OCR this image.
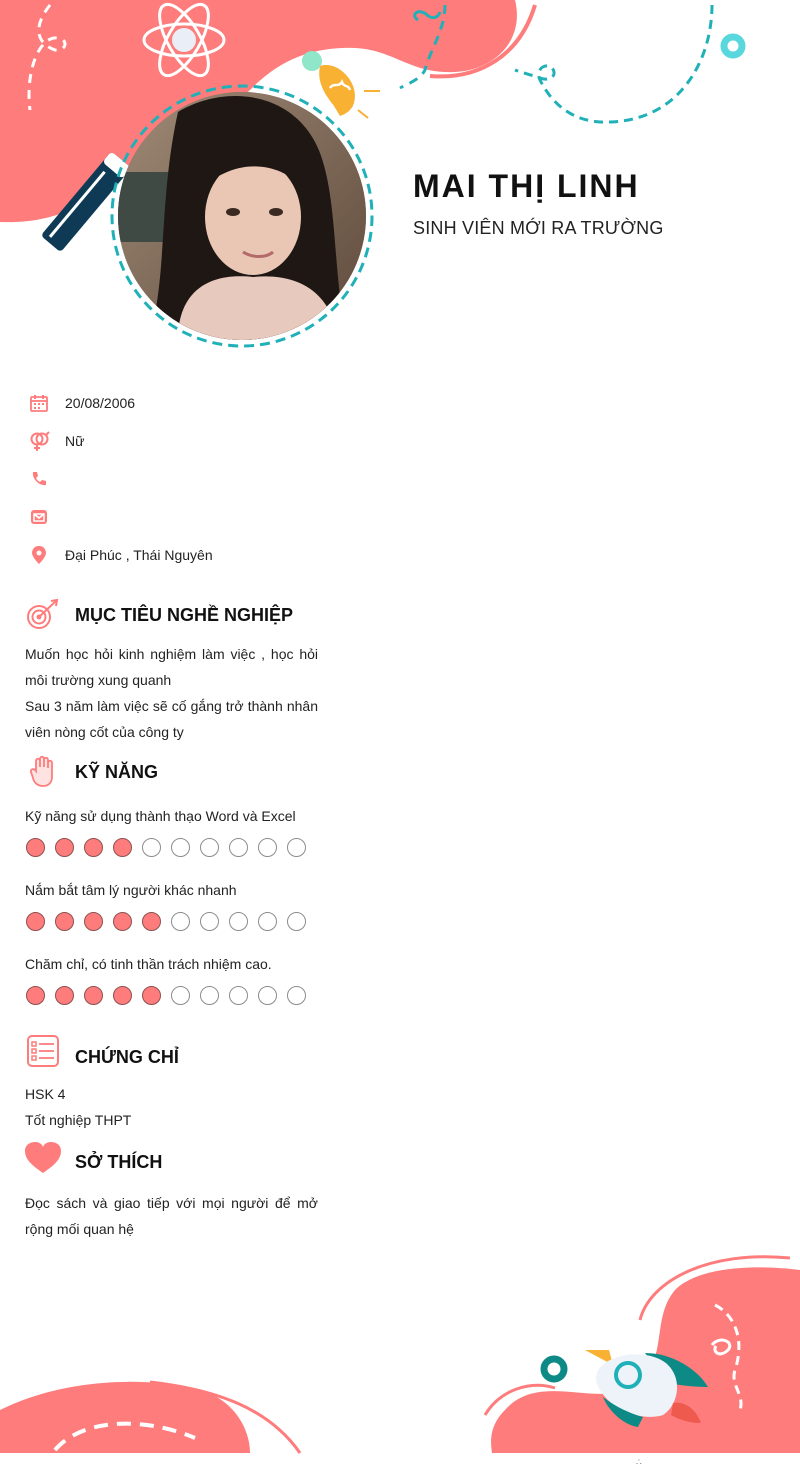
MAI THỊ LINH

SINH VIÊN MỚI RA TRƯỜNG

20/08/2006
Nữ
Đại Phúc , Thái Nguyên
MỤC TIÊU NGHỀ NGHIỆP

Muốn học hỏi kinh nghiệm làm việc , học hỏi môi trường xung quanh

Sau 3 năm làm việc sẽ cố gắng trở thành nhân viên nòng cốt của công ty

KỸ NĂNG

Kỹ năng sử dụng thành thạo Word và Excel

Nắm bắt tâm lý người khác nhanh

Chăm chỉ, có tinh thần trách nhiệm cao.

CHỨNG CHỈ

HSK 4

Tốt nghiệp THPT

SỞ THÍCH

Đọc sách và giao tiếp với mọi người để mở rộng mối quan hệ

∴
